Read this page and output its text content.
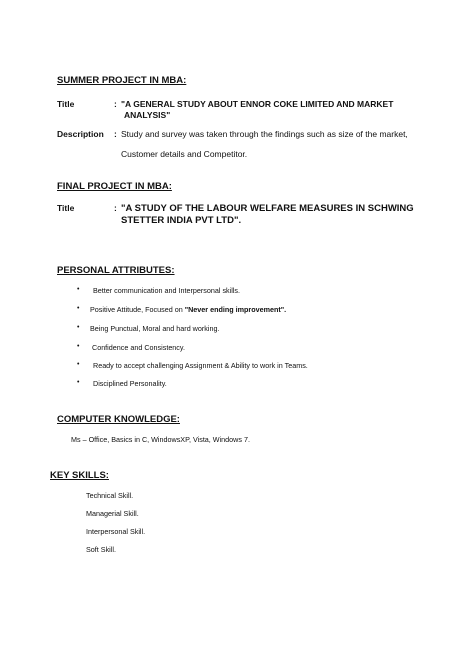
SUMMER PROJECT IN MBA:
Title	: "A GENERAL STUDY ABOUT ENNOR COKE LIMITED AND MARKET
ANALYSIS"
Description : Study and survey was taken through the findings such as size of the market,
Customer details and Competitor.
FINAL PROJECT IN MBA:
Title	: "A STUDY OF THE LABOUR WELFARE MEASURES IN SCHWING
STETTER INDIA PVT LTD".
PERSONAL ATTRIBUTES:
• Better communication and Interpersonal skills.
• Positive Attitude, Focused on "Never ending improvement".
• Being Punctual, Moral and hard working.
• Confidence and Consistency.
• Ready to accept challenging Assignment & Ability to work in Teams.
• Disciplined Personality.
COMPUTER KNOWLEDGE:
Ms – Office, Basics in C, WindowsXP, Vista, Windows 7.
KEY SKILLS:
Technical Skill.
Managerial Skill.
Interpersonal Skill.
Soft Skill.
